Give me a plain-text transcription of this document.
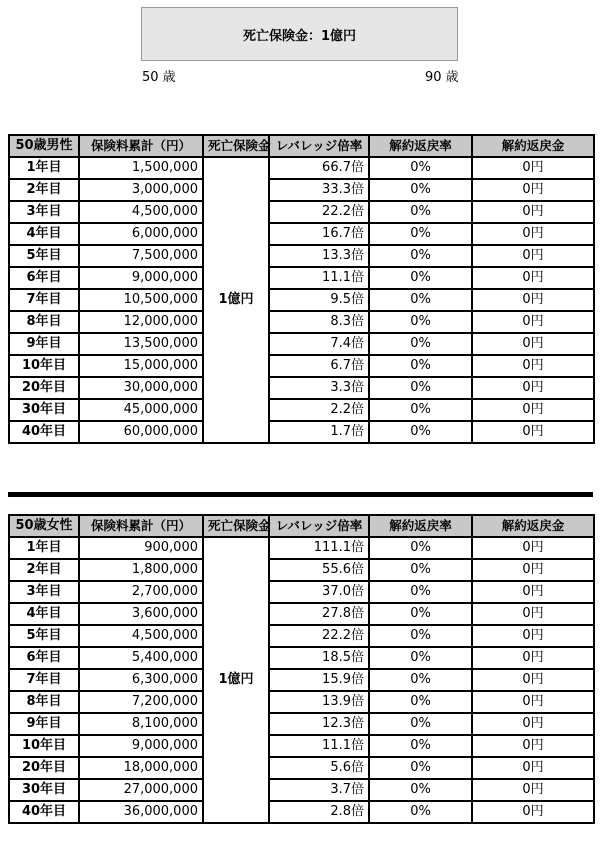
死亡保険金：1億円
50 歳	90 歳
50歳男性	保険料累計（円）	死亡保険金	レバレッジ倍率	解約返戻率	解約返戻金
1年目	1,500,000	1億円	66.7倍	0%	0円
2年目	3,000,000		33.3倍	0%	0円
3年目	4,500,000		22.2倍	0%	0円
4年目	6,000,000		16.7倍	0%	0円
5年目	7,500,000		13.3倍	0%	0円
6年目	9,000,000		11.1倍	0%	0円
7年目	10,500,000		9.5倍	0%	0円
8年目	12,000,000		8.3倍	0%	0円
9年目	13,500,000		7.4倍	0%	0円
10年目	15,000,000		6.7倍	0%	0円
20年目	30,000,000		3.3倍	0%	0円
30年目	45,000,000		2.2倍	0%	0円
40年目	60,000,000		1.7倍	0%	0円
50歳女性	保険料累計（円）	死亡保険金	レバレッジ倍率	解約返戻率	解約返戻金
1年目	900,000	1億円	111.1倍	0%	0円
2年目	1,800,000		55.6倍	0%	0円
3年目	2,700,000		37.0倍	0%	0円
4年目	3,600,000		27.8倍	0%	0円
5年目	4,500,000		22.2倍	0%	0円
6年目	5,400,000		18.5倍	0%	0円
7年目	6,300,000		15.9倍	0%	0円
8年目	7,200,000		13.9倍	0%	0円
9年目	8,100,000		12.3倍	0%	0円
10年目	9,000,000		11.1倍	0%	0円
20年目	18,000,000		5.6倍	0%	0円
30年目	27,000,000		3.7倍	0%	0円
40年目	36,000,000		2.8倍	0%	0円
